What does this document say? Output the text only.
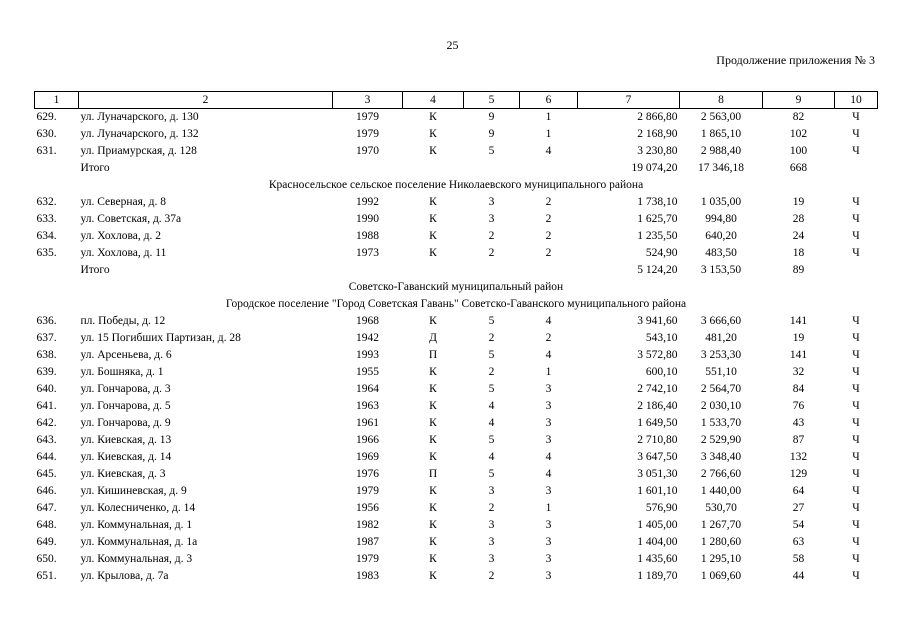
25
Продолжение приложения № 3
1	2	3	4	5	6	7	8	9	10
629.	ул. Луначарского, д. 130	1979	К	9	1	2 866,80	2 563,00	82	Ч
630.	ул. Луначарского, д. 132	1979	К	9	1	2 168,90	1 865,10	102	Ч
631.	ул. Приамурская, д. 128	1970	К	5	4	3 230,80	2 988,40	100	Ч
	Итого					19 074,20	17 346,18	668	
Красносельское сельское поселение Николаевского муниципального района									
632.	ул. Северная, д. 8	1992	К	3	2	1 738,10	1 035,00	19	Ч
633.	ул. Советская, д. 37а	1990	К	3	2	1 625,70	994,80	28	Ч
634.	ул. Хохлова, д. 2	1988	К	2	2	1 235,50	640,20	24	Ч
635.	ул. Хохлова, д. 11	1973	К	2	2	524,90	483,50	18	Ч
	Итого					5 124,20	3 153,50	89	
Советско-Гаванский муниципальный район									
Городское поселение "Город Советская Гавань" Советско-Гаванского муниципального района									
636.	пл. Победы, д. 12	1968	К	5	4	3 941,60	3 666,60	141	Ч
637.	ул. 15 Погибших Партизан, д. 28	1942	Д	2	2	543,10	481,20	19	Ч
638.	ул. Арсеньева, д. 6	1993	П	5	4	3 572,80	3 253,30	141	Ч
639.	ул. Бошняка, д. 1	1955	К	2	1	600,10	551,10	32	Ч
640.	ул. Гончарова, д. 3	1964	К	5	3	2 742,10	2 564,70	84	Ч
641.	ул. Гончарова, д. 5	1963	К	4	3	2 186,40	2 030,10	76	Ч
642.	ул. Гончарова, д. 9	1961	К	4	3	1 649,50	1 533,70	43	Ч
643.	ул. Киевская, д. 13	1966	К	5	3	2 710,80	2 529,90	87	Ч
644.	ул. Киевская, д. 14	1969	К	4	4	3 647,50	3 348,40	132	Ч
645.	ул. Киевская, д. 3	1976	П	5	4	3 051,30	2 766,60	129	Ч
646.	ул. Кишиневская, д. 9	1979	К	3	3	1 601,10	1 440,00	64	Ч
647.	ул. Колесниченко, д. 14	1956	К	2	1	576,90	530,70	27	Ч
648.	ул. Коммунальная, д. 1	1982	К	3	3	1 405,00	1 267,70	54	Ч
649.	ул. Коммунальная, д. 1а	1987	К	3	3	1 404,00	1 280,60	63	Ч
650.	ул. Коммунальная, д. 3	1979	К	3	3	1 435,60	1 295,10	58	Ч
651.	ул. Крылова, д. 7а	1983	К	2	3	1 189,70	1 069,60	44	Ч
